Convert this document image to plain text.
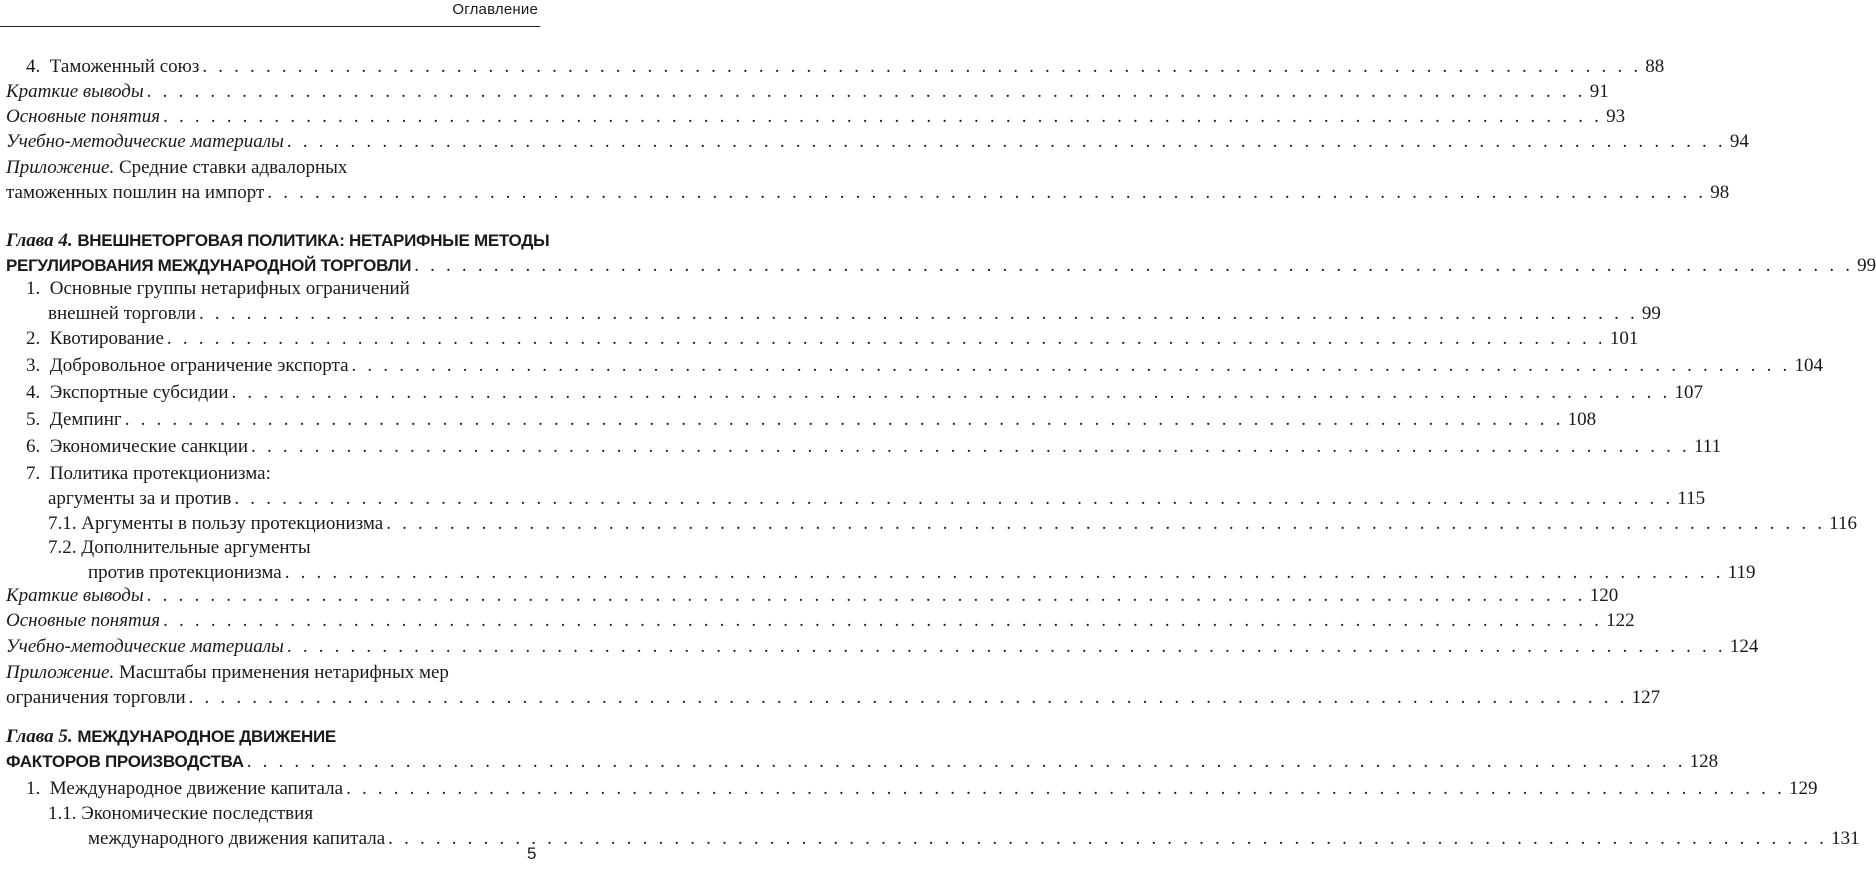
Оглавление
4.
Таможенный союз . . . . . . . . . . . . . . . . . . . . . . . . . . . . . . . . . . . . . . . . . . . . . . . . . . . . . . . . . . . . . . . . . . . . . . . . . . . . . . . . . . . . . . . . . . . 88
Краткие выводы . . . . . . . . . . . . . . . . . . . . . . . . . . . . . . . . . . . . . . . . . . . . . . . . . . . . . . . . . . . . . . . . . . . . . . . . . . . . . . . . . . . . . . . . . . . 91
Основные понятия . . . . . . . . . . . . . . . . . . . . . . . . . . . . . . . . . . . . . . . . . . . . . . . . . . . . . . . . . . . . . . . . . . . . . . . . . . . . . . . . . . . . . . . . . . . 93
Учебно-методические материалы . . . . . . . . . . . . . . . . . . . . . . . . . . . . . . . . . . . . . . . . . . . . . . . . . . . . . . . . . . . . . . . . . . . . . . . . . . . . . . . . . . . . . . . . . . . 94
Приложение. Средние ставки адвалорных
таможенных пошлин на импорт . . . . . . . . . . . . . . . . . . . . . . . . . . . . . . . . . . . . . . . . . . . . . . . . . . . . . . . . . . . . . . . . . . . . . . . . . . . . . . . . . . . . . . . . . . . 98
Глава 4. ВНЕШНЕТОРГОВАЯ ПОЛИТИКА: НЕТАРИФНЫЕ МЕТОДЫ
РЕГУЛИРОВАНИЯ МЕЖДУНАРОДНОЙ ТОРГОВЛИ . . . . . . . . . . . . . . . . . . . . . . . . . . . . . . . . . . . . . . . . . . . . . . . . . . . . . . . . . . . . . . . . . . . . . . . . . . . . . . . . . . . . . . . . . . . 99
1. Основные группы нетарифных ограничений
внешней торговли . . . . . . . . . . . . . . . . . . . . . . . . . . . . . . . . . . . . . . . . . . . . . . . . . . . . . . . . . . . . . . . . . . . . . . . . . . . . . . . . . . . . . . . . . . . 99
2.
Квотирование . . . . . . . . . . . . . . . . . . . . . . . . . . . . . . . . . . . . . . . . . . . . . . . . . . . . . . . . . . . . . . . . . . . . . . . . . . . . . . . . . . . . . . . . . . . 101
3.
Добровольное ограничение экспорта . . . . . . . . . . . . . . . . . . . . . . . . . . . . . . . . . . . . . . . . . . . . . . . . . . . . . . . . . . . . . . . . . . . . . . . . . . . . . . . . . . . . . . . . . . . 104
4.
Экспортные субсидии . . . . . . . . . . . . . . . . . . . . . . . . . . . . . . . . . . . . . . . . . . . . . . . . . . . . . . . . . . . . . . . . . . . . . . . . . . . . . . . . . . . . . . . . . . . 107
5.
Демпинг . . . . . . . . . . . . . . . . . . . . . . . . . . . . . . . . . . . . . . . . . . . . . . . . . . . . . . . . . . . . . . . . . . . . . . . . . . . . . . . . . . . . . . . . . . . 108
6.
Экономические санкции . . . . . . . . . . . . . . . . . . . . . . . . . . . . . . . . . . . . . . . . . . . . . . . . . . . . . . . . . . . . . . . . . . . . . . . . . . . . . . . . . . . . . . . . . . . 111
7. Политика протекционизма:
аргументы за и против . . . . . . . . . . . . . . . . . . . . . . . . . . . . . . . . . . . . . . . . . . . . . . . . . . . . . . . . . . . . . . . . . . . . . . . . . . . . . . . . . . . . . . . . . . . 115
7.1.
Аргументы в пользу протекционизма . . . . . . . . . . . . . . . . . . . . . . . . . . . . . . . . . . . . . . . . . . . . . . . . . . . . . . . . . . . . . . . . . . . . . . . . . . . . . . . . . . . . . . . . . . . 116
7.2. Дополнительные аргументы
против протекционизма . . . . . . . . . . . . . . . . . . . . . . . . . . . . . . . . . . . . . . . . . . . . . . . . . . . . . . . . . . . . . . . . . . . . . . . . . . . . . . . . . . . . . . . . . . . 119
Краткие выводы . . . . . . . . . . . . . . . . . . . . . . . . . . . . . . . . . . . . . . . . . . . . . . . . . . . . . . . . . . . . . . . . . . . . . . . . . . . . . . . . . . . . . . . . . . . 120
Основные понятия . . . . . . . . . . . . . . . . . . . . . . . . . . . . . . . . . . . . . . . . . . . . . . . . . . . . . . . . . . . . . . . . . . . . . . . . . . . . . . . . . . . . . . . . . . . 122
Учебно-методические материалы . . . . . . . . . . . . . . . . . . . . . . . . . . . . . . . . . . . . . . . . . . . . . . . . . . . . . . . . . . . . . . . . . . . . . . . . . . . . . . . . . . . . . . . . . . . 124
Приложение. Масштабы применения нетарифных мер
ограничения торговли . . . . . . . . . . . . . . . . . . . . . . . . . . . . . . . . . . . . . . . . . . . . . . . . . . . . . . . . . . . . . . . . . . . . . . . . . . . . . . . . . . . . . . . . . . . 127
Глава 5. МЕЖДУНАРОДНОЕ ДВИЖЕНИЕ
ФАКТОРОВ ПРОИЗВОДСТВА . . . . . . . . . . . . . . . . . . . . . . . . . . . . . . . . . . . . . . . . . . . . . . . . . . . . . . . . . . . . . . . . . . . . . . . . . . . . . . . . . . . . . . . . . . . 128
1.
Международное движение капитала . . . . . . . . . . . . . . . . . . . . . . . . . . . . . . . . . . . . . . . . . . . . . . . . . . . . . . . . . . . . . . . . . . . . . . . . . . . . . . . . . . . . . . . . . . . 129
1.1. Экономические последствия
международного движения капитала . . . . . . . . . . . . . . . . . . . . . . . . . . . . . . . . . . . . . . . . . . . . . . . . . . . . . . . . . . . . . . . . . . . . . . . . . . . . . . . . . . . . . . . . . . . 131
5
